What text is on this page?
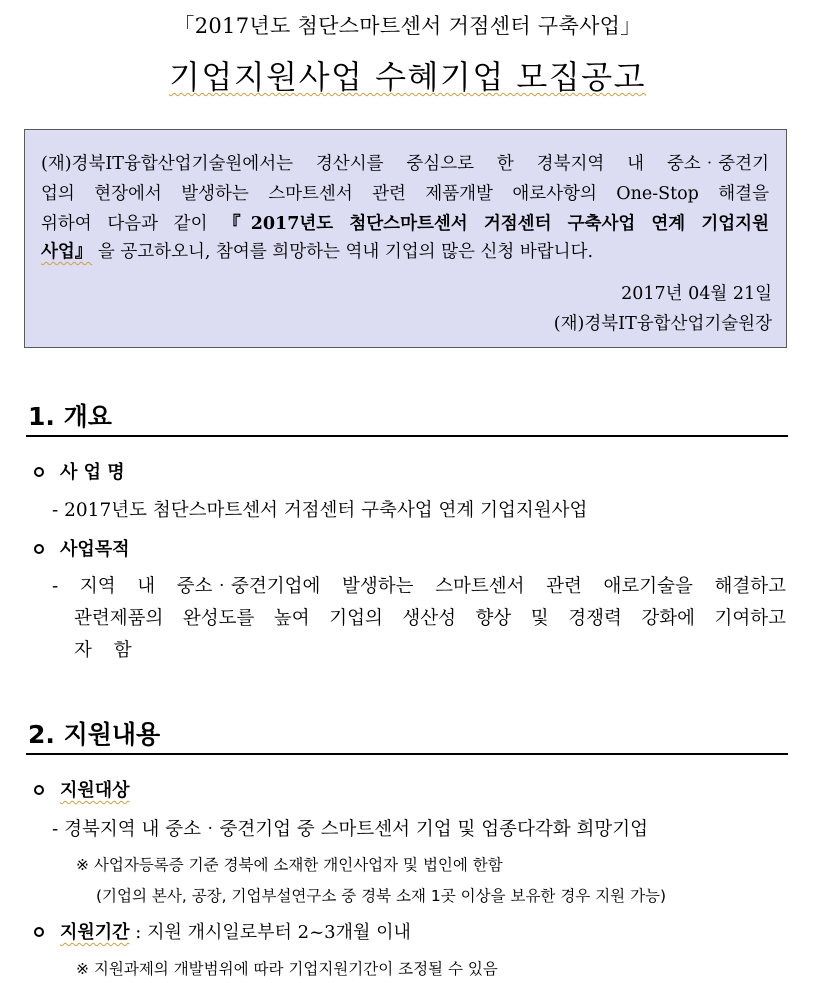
「2017년도 첨단스마트센서 거점센터 구축사업」
기업지원사업 수혜기업 모집공고
(재)경북IT융합산업기술원에서는 경산시를 중심으로 한 경북지역 내 중소‧중견기
업의 현장에서 발생하는 스마트센서 관련 제품개발 애로사항의 One-Stop 해결을
위하여 다음과 같이 『2017년도 첨단스마트센서 거점센터 구축사업 연계 기업지원
사업』 을 공고하오니, 참여를 희망하는 역내 기업의 많은 신청 바랍니다.
2017년 04월 21일
(재)경북IT융합산업기술원장
1. 개요
사 업 명
- 2017년도 첨단스마트센서 거점센터 구축사업 연계 기업지원사업
사업목적
- 지역 내 중소‧중견기업에 발생하는 스마트센서 관련 애로기술을 해결하고
관련제품의 완성도를 높여 기업의 생산성 향상 및 경쟁력 강화에 기여하고
자 함
2. 지원내용
지원대상
- 경북지역 내 중소‧중견기업 중 스마트센서 기업 및 업종다각화 희망기업
※ 사업자등록증 기준 경북에 소재한 개인사업자 및 법인에 한함
(기업의 본사, 공장, 기업부설연구소 중 경북 소재 1곳 이상을 보유한 경우 지원 가능)
지원기간 : 지원 개시일로부터 2~3개월 이내
※ 지원과제의 개발범위에 따라 기업지원기간이 조정될 수 있음
